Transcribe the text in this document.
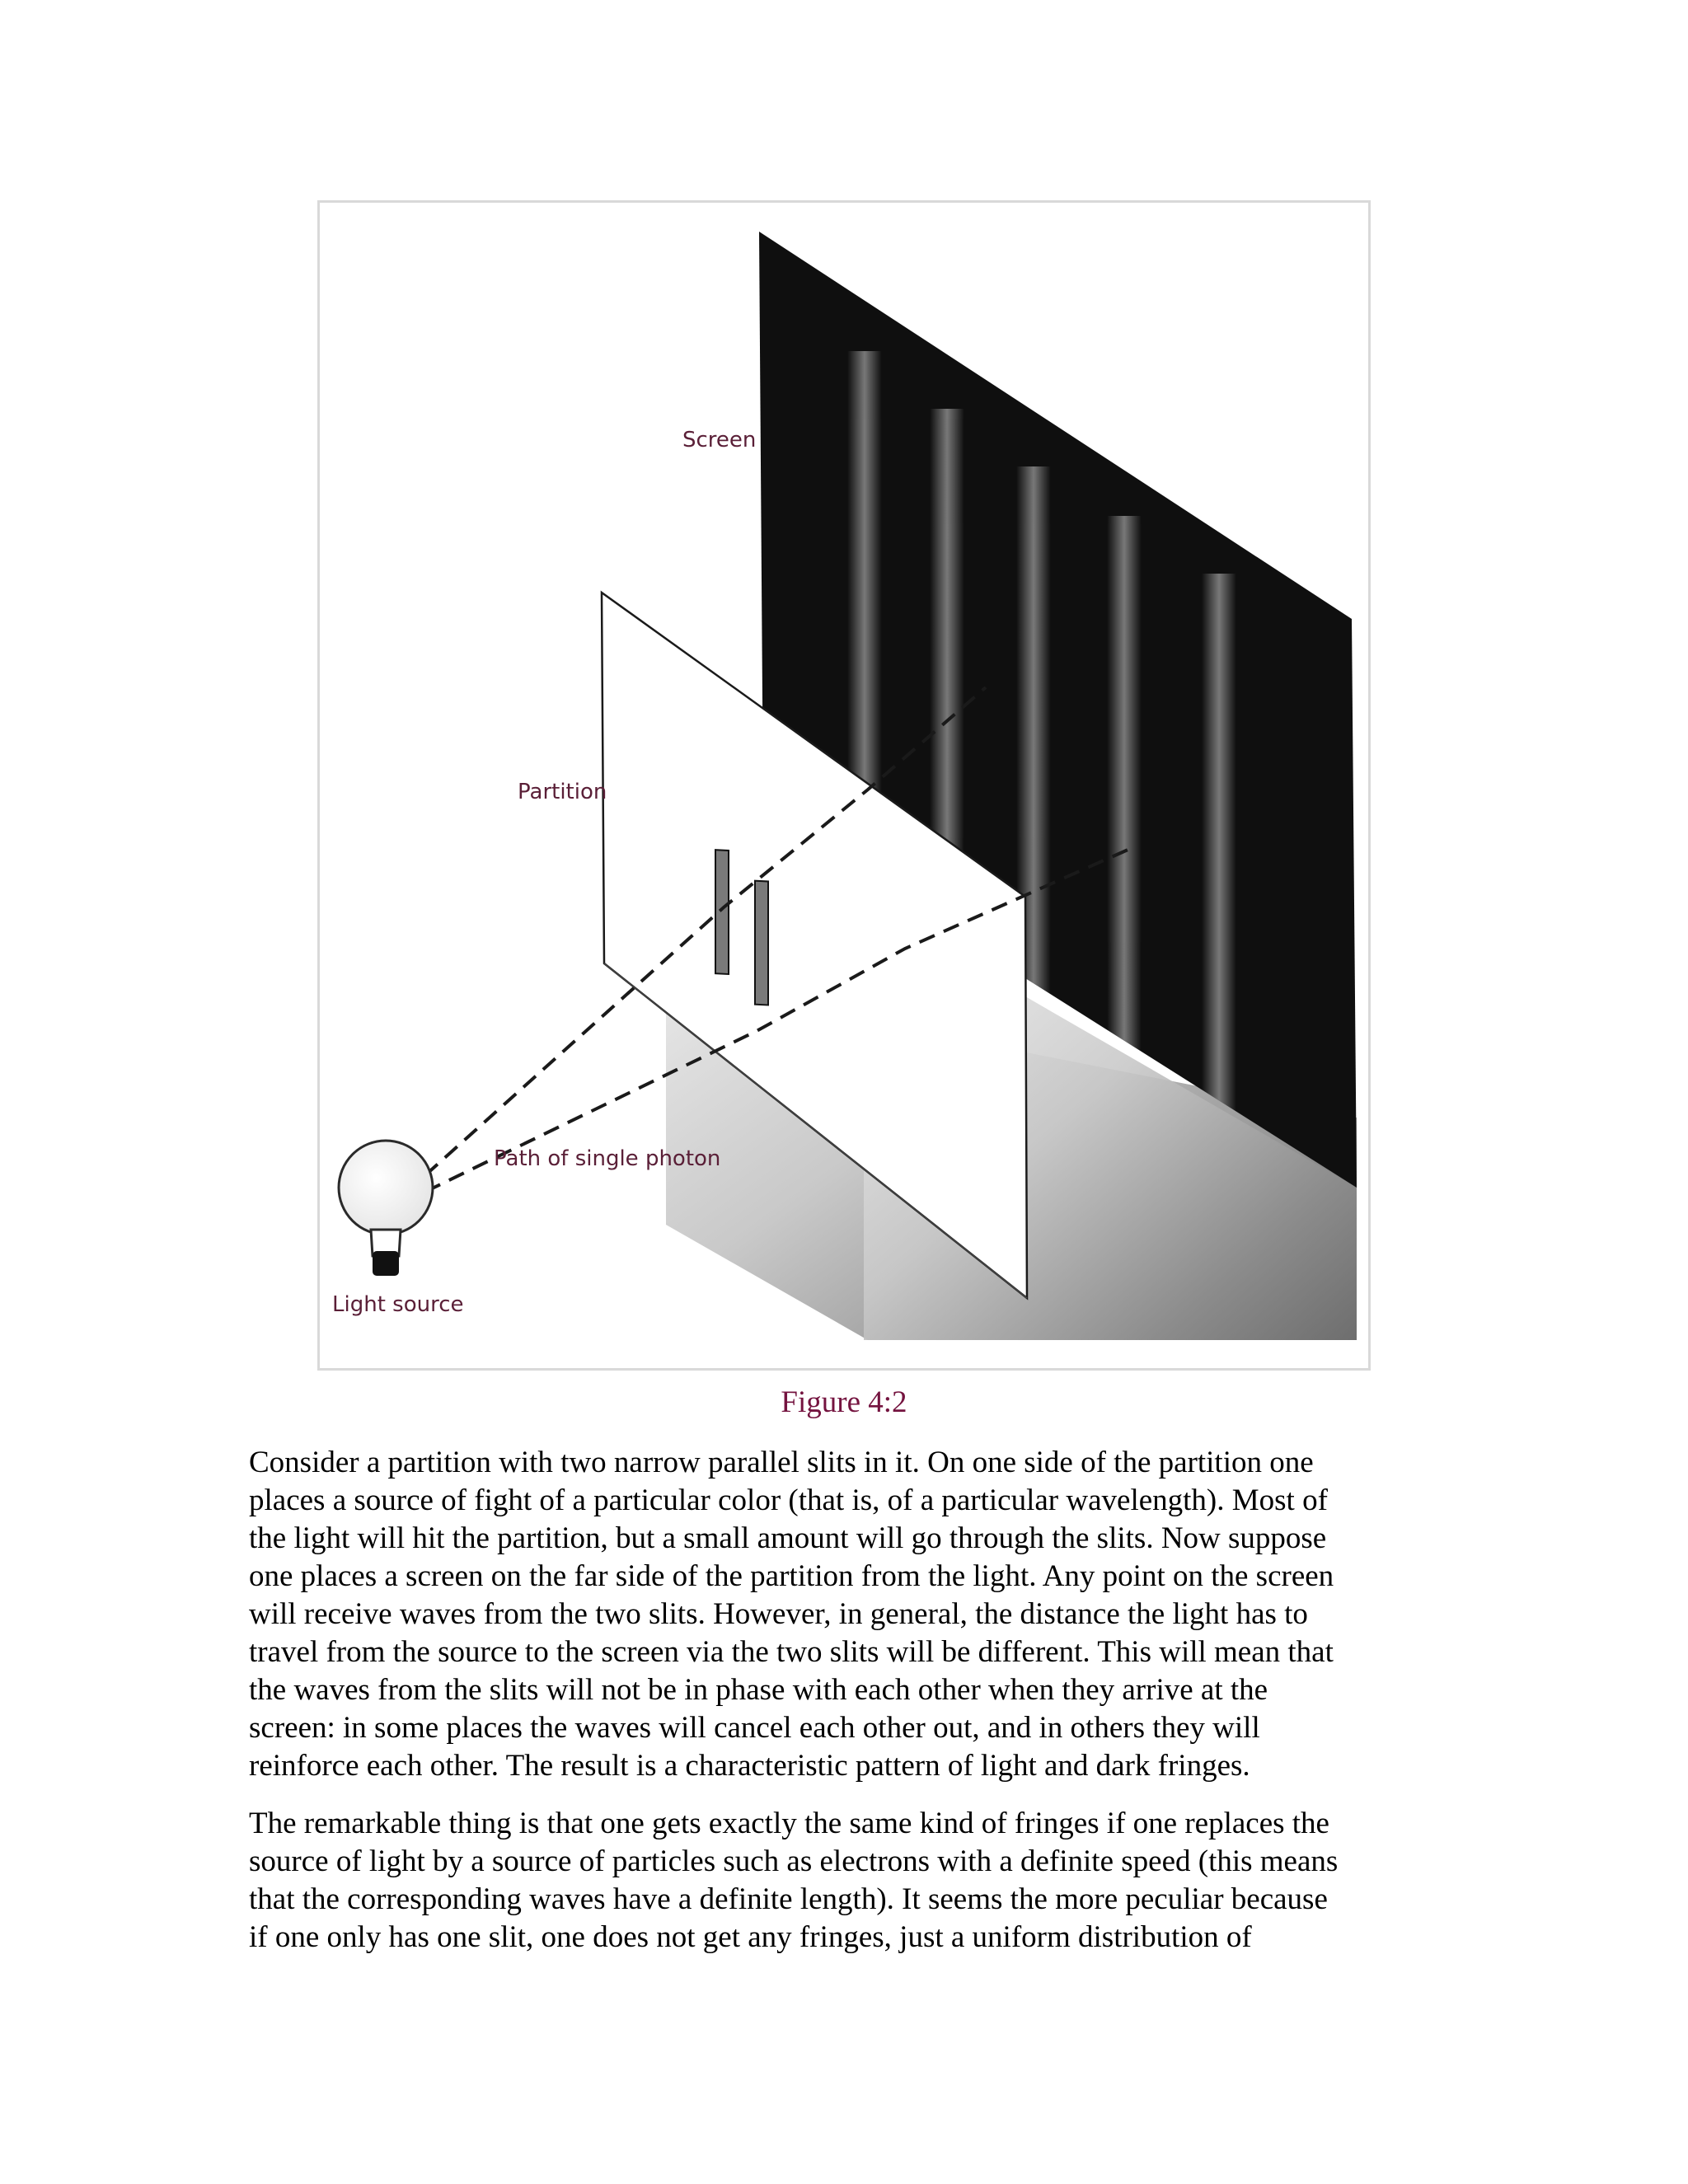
Screen
Partition
Path of single photon
Light source
Figure 4:2

Consider a partition with two narrow parallel slits in it. On one side of the partition one
places a source of fight of a particular color (that is, of a particular wavelength). Most of
the light will hit the partition, but a small amount will go through the slits. Now suppose
one places a screen on the far side of the partition from the light. Any point on the screen
will receive waves from the two slits. However, in general, the distance the light has to
travel from the source to the screen via the two slits will be different. This will mean that
the waves from the slits will not be in phase with each other when they arrive at the
screen: in some places the waves will cancel each other out, and in others they will
reinforce each other. The result is a characteristic pattern of light and dark fringes.

The remarkable thing is that one gets exactly the same kind of fringes if one replaces the
source of light by a source of particles such as electrons with a definite speed (this means
that the corresponding waves have a definite length). It seems the more peculiar because
if one only has one slit, one does not get any fringes, just a uniform distribution of
